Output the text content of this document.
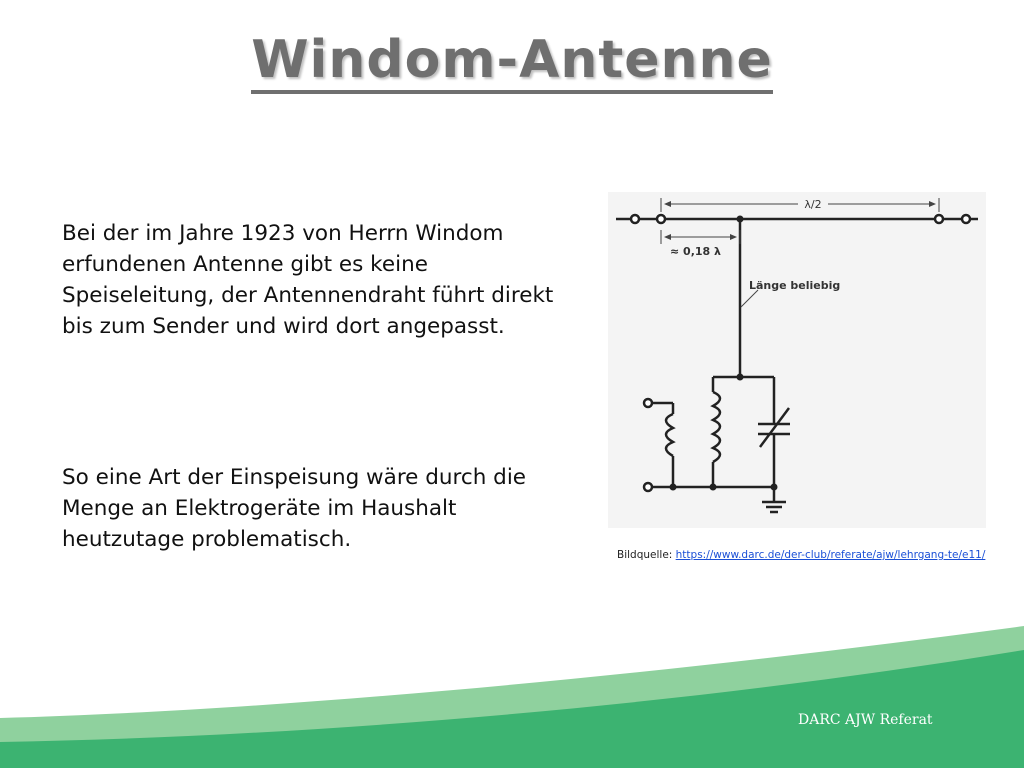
Windom-Antenne
Bei der im Jahre 1923 von Herrn Windom erfundenen Antenne gibt es keine Speiseleitung, der Antennendraht führt direkt bis zum Sender und wird dort angepasst.
So eine Art der Einspeisung wäre durch die Menge an Elektrogeräte im Haushalt heutzutage problematisch.
λ/2
≈ 0,18 λ
Länge beliebig
Bildquelle: https://www.darc.de/der-club/referate/ajw/lehrgang-te/e11/
DARC AJW Referat
